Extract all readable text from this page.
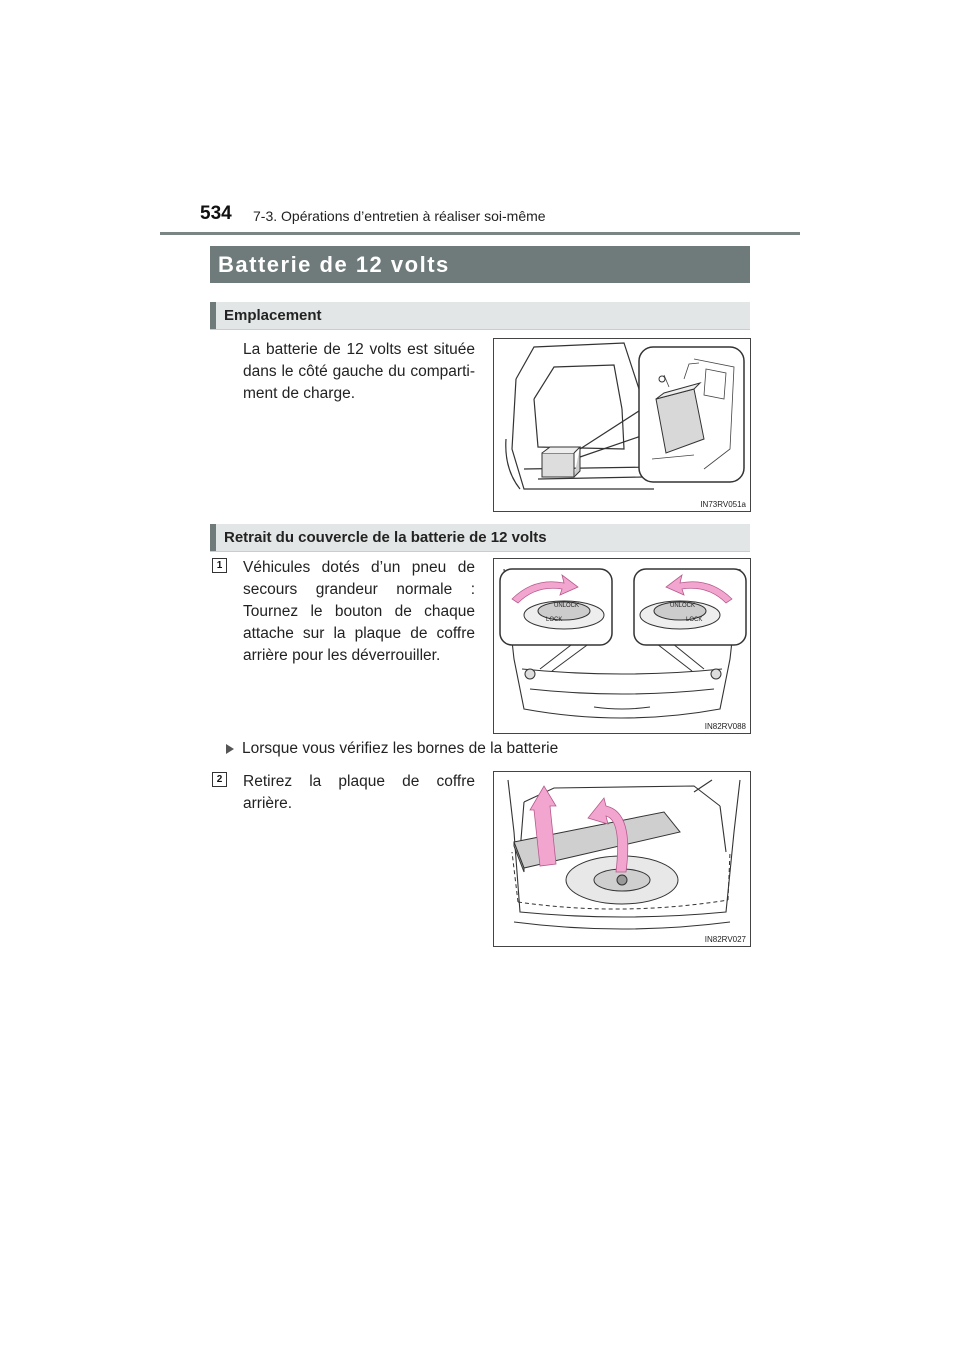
534 7-3. Opérations d’entretien à réaliser soi-même
Batterie de 12 volts
Emplacement
La batterie de 12 volts est située dans le côté gauche du comparti-ment de charge.
IN73RV051a
Retrait du couvercle de la batterie de 12 volts
1	Véhicules dotés d’un pneu de secours grandeur normale : Tournez le bouton de chaque attache sur la plaque de coffre arrière pour les déverrouiller.
LOCK
UNLOCK
LOCK
UNLOCK
IN82RV088
Lorsque vous vérifiez les bornes de la batterie
2	Retirez la plaque de coffre arrière.
IN82RV027
